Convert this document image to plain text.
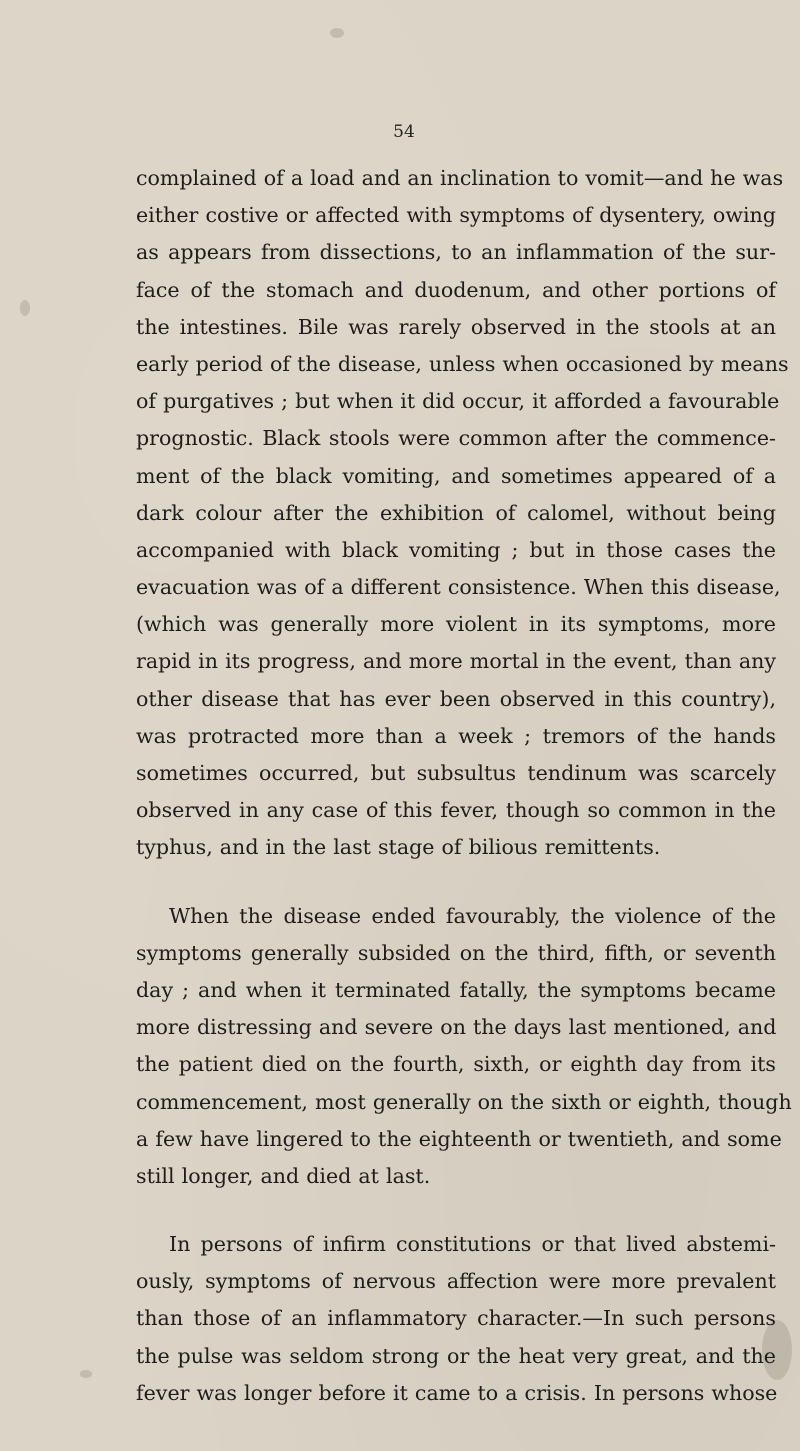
54
complained of a load and an inclination to vomit—and he was
either costive or affected with symptoms of dysentery, owing
as appears from dissections, to an inflammation of the sur-
face of the stomach and duodenum, and other portions of
the intestines. Bile was rarely observed in the stools at an
early period of the disease, unless when occasioned by means
of purgatives ; but when it did occur, it afforded a favourable
prognostic. Black stools were common after the commence-
ment of the black vomiting, and sometimes appeared of a
dark colour after the exhibition of calomel, without being
accompanied with black vomiting ; but in those cases the
evacuation was of a different consistence. When this disease,
(which was generally more violent in its symptoms, more
rapid in its progress, and more mortal in the event, than any
other disease that has ever been observed in this country),
was protracted more than a week ; tremors of the hands
sometimes occurred, but subsultus tendinum was scarcely
observed in any case of this fever, though so common in the
typhus, and in the last stage of bilious remittents.
When the disease ended favourably, the violence of the
symptoms generally subsided on the third, fifth, or seventh
day ; and when it terminated fatally, the symptoms became
more distressing and severe on the days last mentioned, and
the patient died on the fourth, sixth, or eighth day from its
commencement, most generally on the sixth or eighth, though
a few have lingered to the eighteenth or twentieth, and some
still longer, and died at last.
In persons of infirm constitutions or that lived abstemi-
ously, symptoms of nervous affection were more prevalent
than those of an inflammatory character.—In such persons
the pulse was seldom strong or the heat very great, and the
fever was longer before it came to a crisis. In persons whose
